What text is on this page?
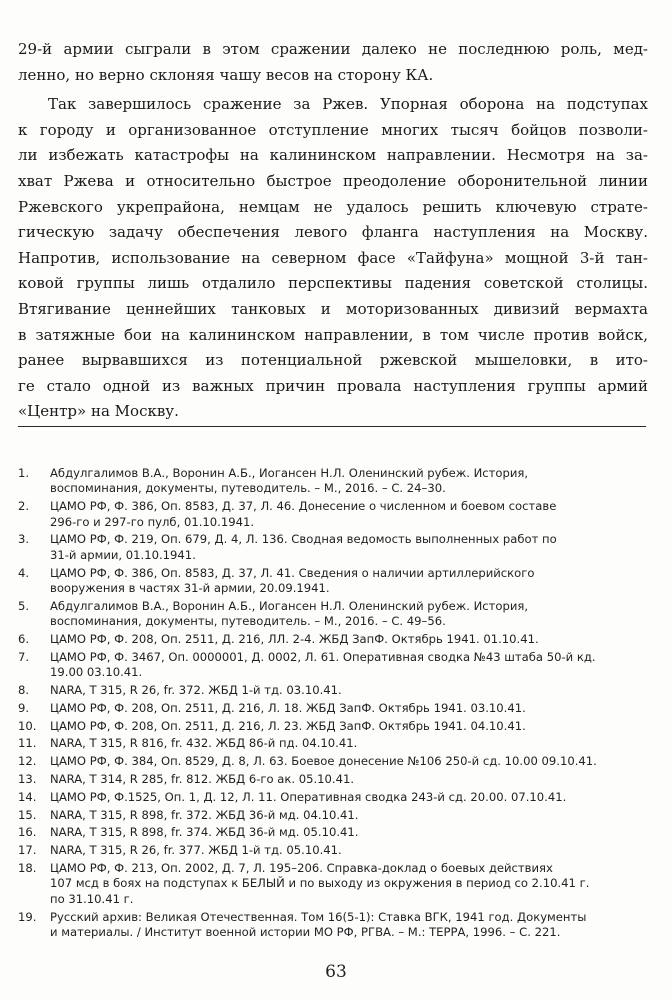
29-й армии сыграли в этом сражении далеко не последнюю роль, мед-
ленно, но верно склоняя чашу весов на сторону КА.
Так завершилось сражение за Ржев. Упорная оборона на подступах
к городу и организованное отступление многих тысяч бойцов позволи-
ли избежать катастрофы на калининском направлении. Несмотря на за-
хват Ржева и относительно быстрое преодоление оборонительной линии
Ржевского укрепрайона, немцам не удалось решить ключевую страте-
гическую задачу обеспечения левого фланга наступления на Москву.
Напротив, использование на северном фасе «Тайфуна» мощной 3-й тан-
ковой группы лишь отдалило перспективы падения советской столицы.
Втягивание ценнейших танковых и моторизованных дивизий вермахта
в затяжные бои на калининском направлении, в том числе против войск,
ранее вырвавшихся из потенциальной ржевской мышеловки, в ито-
ге стало одной из важных причин провала наступления группы армий
«Центр» на Москву.
1.	Абдулгалимов В.А., Воронин А.Б., Иогансен Н.Л. Оленинский рубеж. История,
воспоминания, документы, путеводитель. – М., 2016. – С. 24–30.
2.	ЦАМО РФ, Ф. 386, Оп. 8583, Д. 37, Л. 46. Донесение о численном и боевом составе
296-го и 297-го пулб, 01.10.1941.
3.	ЦАМО РФ, Ф. 219, Оп. 679, Д. 4, Л. 136. Сводная ведомость выполненных работ по
31-й армии, 01.10.1941.
4.	ЦАМО РФ, Ф. 386, Оп. 8583, Д. 37, Л. 41. Сведения о наличии артиллерийского
вооружения в частях 31-й армии, 20.09.1941.
5.	Абдулгалимов В.А., Воронин А.Б., Иогансен Н.Л. Оленинский рубеж. История,
воспоминания, документы, путеводитель. – М., 2016. – С. 49–56.
6.	ЦАМО РФ, Ф. 208, Оп. 2511, Д. 216, ЛЛ. 2-4. ЖБД ЗапФ. Октябрь 1941. 01.10.41.
7.	ЦАМО РФ, Ф. 3467, Оп. 0000001, Д. 0002, Л. 61. Оперативная сводка №43 штаба 50-й кд.
19.00 03.10.41.
8.	NARA, T 315, R 26, fr. 372. ЖБД 1-й тд. 03.10.41.
9.	ЦАМО РФ, Ф. 208, Оп. 2511, Д. 216, Л. 18. ЖБД ЗапФ. Октябрь 1941. 03.10.41.
10.	ЦАМО РФ, Ф. 208, Оп. 2511, Д. 216, Л. 23. ЖБД ЗапФ. Октябрь 1941. 04.10.41.
11.	NARA, T 315, R 816, fr. 432. ЖБД 86-й пд. 04.10.41.
12.	ЦАМО РФ, Ф. 384, Оп. 8529, Д. 8, Л. 63. Боевое донесение №106 250-й сд. 10.00 09.10.41.
13.	NARA, T 314, R 285, fr. 812. ЖБД 6-го ак. 05.10.41.
14.	ЦАМО РФ, Ф.1525, Оп. 1, Д. 12, Л. 11. Оперативная сводка 243-й сд. 20.00. 07.10.41.
15.	NARA, T 315, R 898, fr. 372. ЖБД 36-й мд. 04.10.41.
16.	NARA, T 315, R 898, fr. 374. ЖБД 36-й мд. 05.10.41.
17.	NARA, T 315, R 26, fr. 377. ЖБД 1-й тд. 05.10.41.
18.	ЦАМО РФ, Ф. 213, Оп. 2002, Д. 7, Л. 195–206. Справка-доклад о боевых действиях
107 мсд в боях на подступах к БЕЛЫЙ и по выходу из окружения в период со 2.10.41 г.
по 31.10.41 г.
19.	Русский архив: Великая Отечественная. Том 16(5-1): Ставка ВГК, 1941 год. Документы
и материалы. / Институт военной истории МО РФ, РГВА. – М.: ТЕРРА, 1996. – С. 221.
63
